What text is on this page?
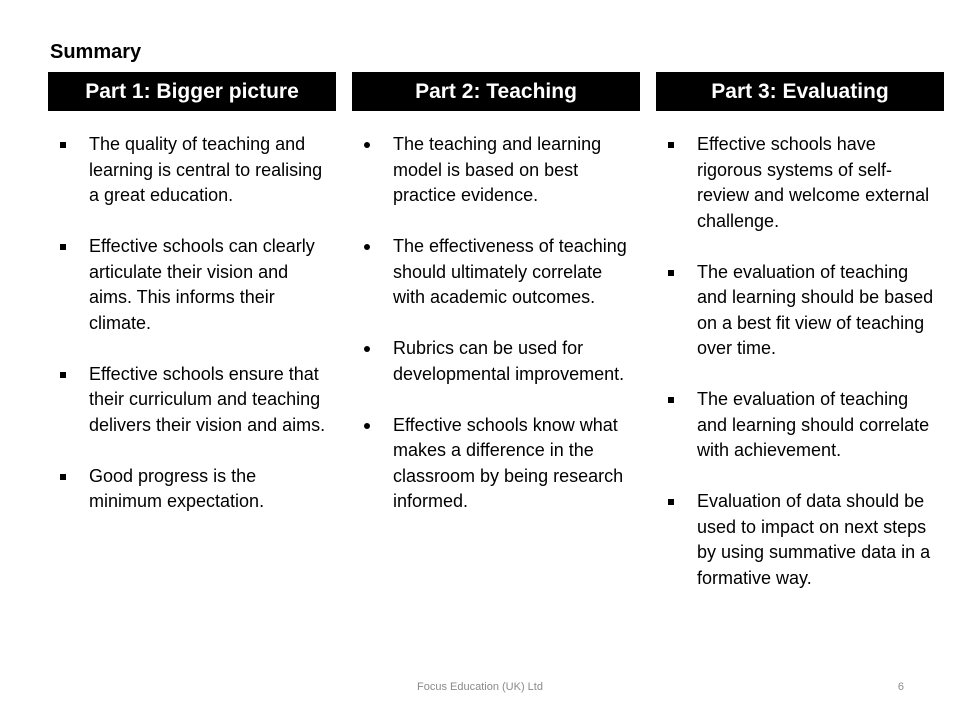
Summary
Part 1: Bigger picture
The quality of teaching and learning is central to realising a great education.
Effective schools can clearly articulate their vision and aims. This informs their climate.
Effective schools ensure that their curriculum and teaching delivers their vision and aims.
Good progress is the minimum expectation.
Part 2: Teaching
The teaching and learning model is based on best practice evidence.
The effectiveness of teaching should ultimately correlate with academic outcomes.
Rubrics can be used for developmental improvement.
Effective schools know what makes a difference in the classroom by being research informed.
Part 3: Evaluating
Effective schools have rigorous systems of self-review and welcome external challenge.
The evaluation of teaching and learning should be based on a best fit view of teaching over time.
The evaluation of teaching and learning should correlate with achievement.
Evaluation of data should be used to impact on next steps by using summative data in a formative way.
Focus Education (UK) Ltd	6
